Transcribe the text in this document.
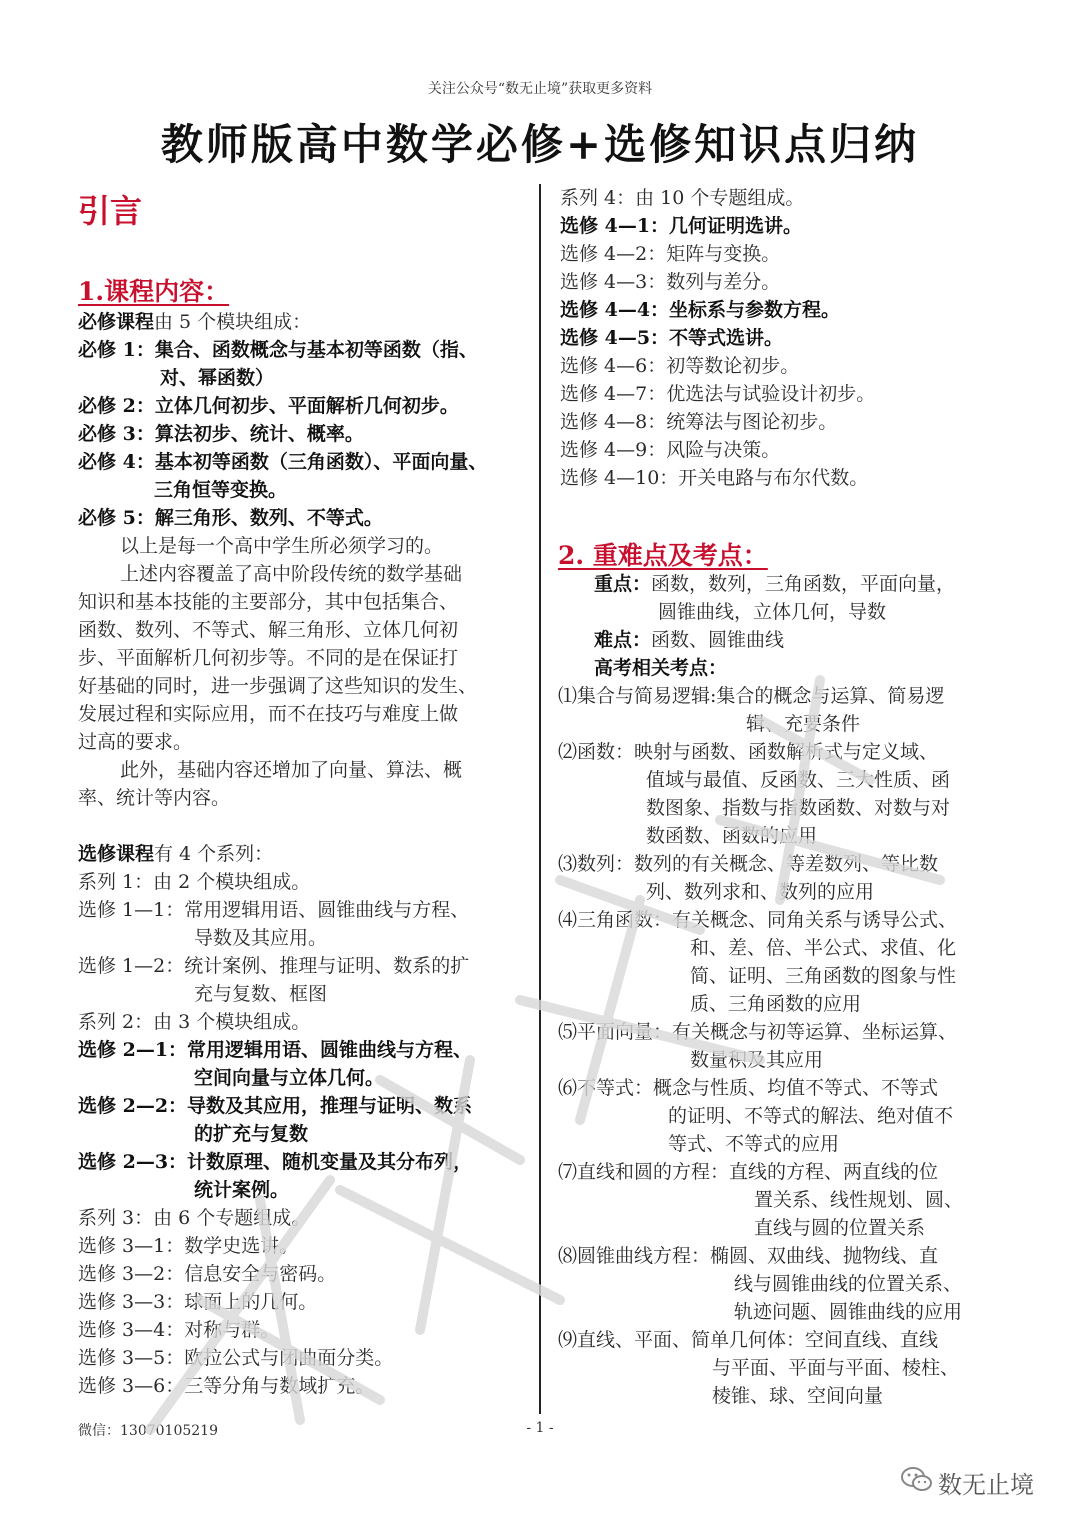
关注公众号“数无止境”获取更多资料
教师版高中数学必修+选修知识点归纳
引言
1.课程内容：
2. 重难点及考点：
必修课程由 5 个模块组成：
必修 1：集合、函数概念与基本初等函数（指、
对、幂函数）
必修 2：立体几何初步、平面解析几何初步。
必修 3：算法初步、统计、概率。
必修 4：基本初等函数（三角函数）、平面向量、
三角恒等变换。
必修 5：解三角形、数列、不等式。
以上是每一个高中学生所必须学习的。
上述内容覆盖了高中阶段传统的数学基础
知识和基本技能的主要部分，其中包括集合、
函数、数列、不等式、解三角形、立体几何初
步、平面解析几何初步等。不同的是在保证打
好基础的同时，进一步强调了这些知识的发生、
发展过程和实际应用，而不在技巧与难度上做
过高的要求。
此外，基础内容还增加了向量、算法、概
率、统计等内容。
选修课程有 4 个系列：
系列 1：由 2 个模块组成。
选修 1—1：常用逻辑用语、圆锥曲线与方程、
导数及其应用。
选修 1—2：统计案例、推理与证明、数系的扩
充与复数、框图
系列 2：由 3 个模块组成。
选修 2—1：常用逻辑用语、圆锥曲线与方程、
空间向量与立体几何。
选修 2—2：导数及其应用，推理与证明、数系
的扩充与复数
选修 2—3：计数原理、随机变量及其分布列，
统计案例。
系列 3：由 6 个专题组成。
选修 3—1：数学史选讲。
选修 3—2：信息安全与密码。
选修 3—3：球面上的几何。
选修 3—4：对称与群。
选修 3—5：欧拉公式与闭曲面分类。
选修 3—6：三等分角与数域扩充。
系列 4：由 10 个专题组成。
选修 4—1：几何证明选讲。
选修 4—2：矩阵与变换。
选修 4—3：数列与差分。
选修 4—4：坐标系与参数方程。
选修 4—5：不等式选讲。
选修 4—6：初等数论初步。
选修 4—7：优选法与试验设计初步。
选修 4—8：统筹法与图论初步。
选修 4—9：风险与决策。
选修 4—10：开关电路与布尔代数。
重点：函数，数列，三角函数，平面向量，
圆锥曲线，立体几何，导数
难点：函数、圆锥曲线
高考相关考点：
⑴集合与简易逻辑:集合的概念与运算、简易逻
辑、充要条件
⑵函数：映射与函数、函数解析式与定义域、
值域与最值、反函数、三大性质、函
数图象、指数与指数函数、对数与对
数函数、函数的应用
⑶数列：数列的有关概念、等差数列、等比数
列、数列求和、数列的应用
⑷三角函数：有关概念、同角关系与诱导公式、
和、差、倍、半公式、求值、化
简、证明、三角函数的图象与性
质、三角函数的应用
⑸平面向量：有关概念与初等运算、坐标运算、
数量积及其应用
⑹不等式：概念与性质、均值不等式、不等式
的证明、不等式的解法、绝对值不
等式、不等式的应用
⑺直线和圆的方程：直线的方程、两直线的位
置关系、线性规划、圆、
直线与圆的位置关系
⑻圆锥曲线方程：椭圆、双曲线、抛物线、直
线与圆锥曲线的位置关系、
轨迹问题、圆锥曲线的应用
⑼直线、平面、简单几何体：空间直线、直线
与平面、平面与平面、棱柱、
棱锥、球、空间向量
微信：13070105219	- 1 -
数无止境
